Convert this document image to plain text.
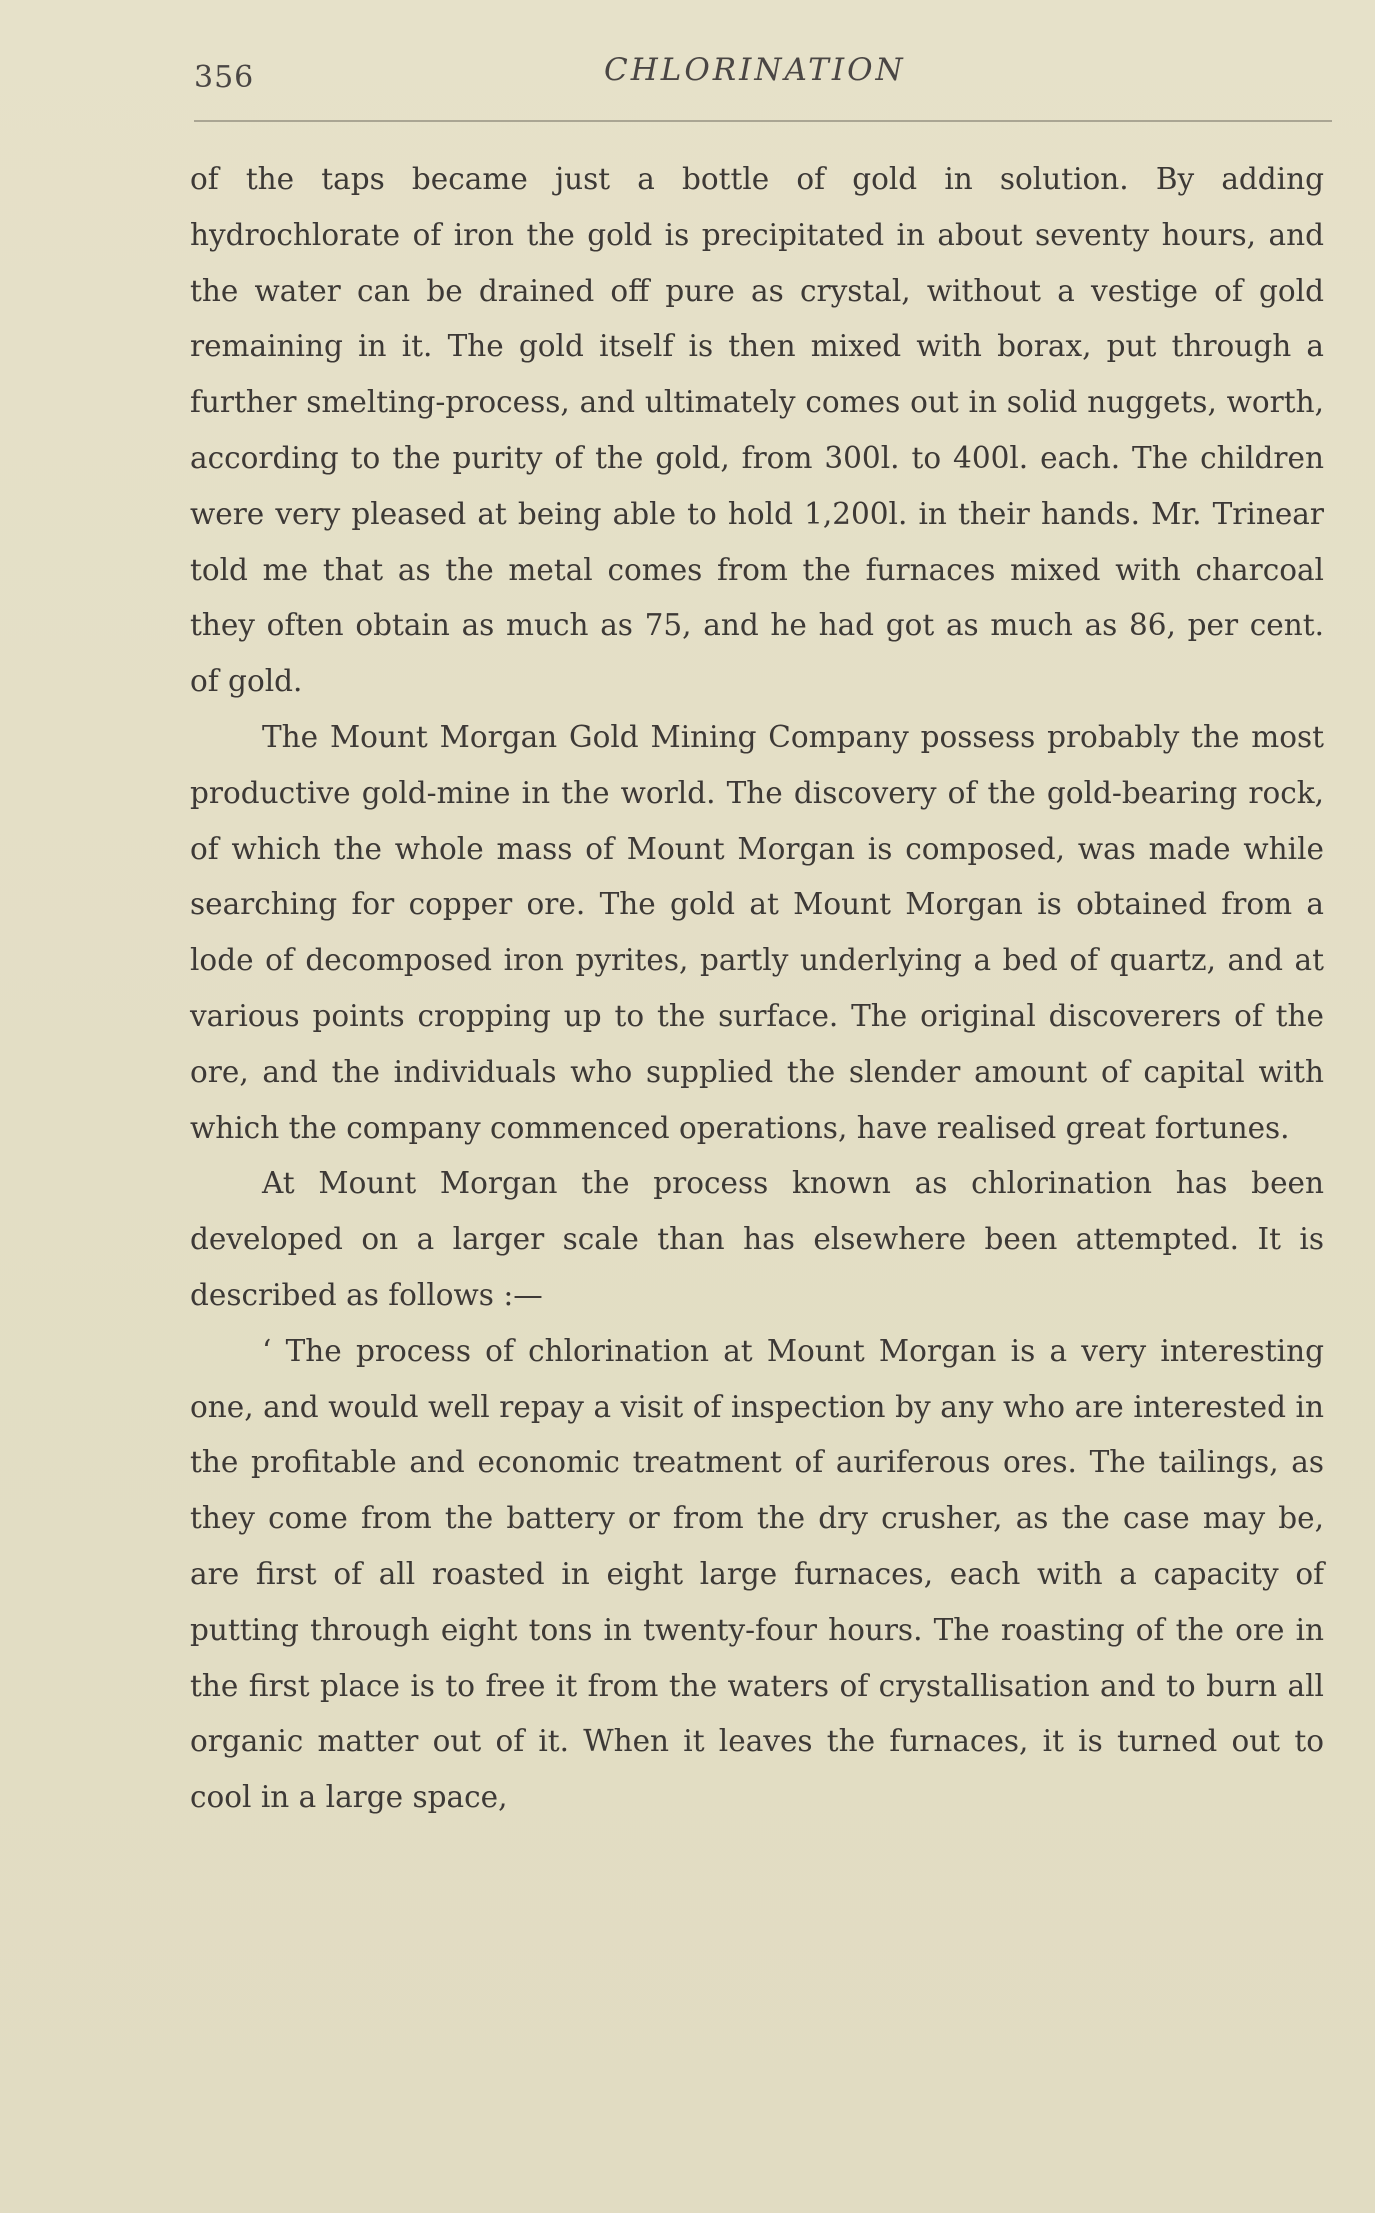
356	CHLORINATION

of the taps became just a bottle of gold in solution. By adding hydrochlorate of iron the gold is precipitated in about seventy hours, and the water can be drained off pure as crystal, without a vestige of gold remaining in it. The gold itself is then mixed with borax, put through a further smelting-process, and ultimately comes out in solid nuggets, worth, according to the purity of the gold, from 300l. to 400l. each. The children were very pleased at being able to hold 1,200l. in their hands. Mr. Trinear told me that as the metal comes from the furnaces mixed with charcoal they often obtain as much as 75, and he had got as much as 86, per cent. of gold.

The Mount Morgan Gold Mining Company possess probably the most productive gold-mine in the world. The discovery of the gold-bearing rock, of which the whole mass of Mount Morgan is composed, was made while searching for copper ore. The gold at Mount Morgan is obtained from a lode of decomposed iron pyrites, partly underlying a bed of quartz, and at various points cropping up to the surface. The original discoverers of the ore, and the individuals who supplied the slender amount of capital with which the company commenced operations, have realised great fortunes.

At Mount Morgan the process known as chlorination has been developed on a larger scale than has elsewhere been attempted. It is described as follows :—

‘ The process of chlorination at Mount Morgan is a very interesting one, and would well repay a visit of inspection by any who are interested in the profitable and economic treatment of auriferous ores. The tailings, as they come from the battery or from the dry crusher, as the case may be, are first of all roasted in eight large furnaces, each with a capacity of putting through eight tons in twenty-four hours. The roasting of the ore in the first place is to free it from the waters of crystallisation and to burn all organic matter out of it. When it leaves the furnaces, it is turned out to cool in a large space,
